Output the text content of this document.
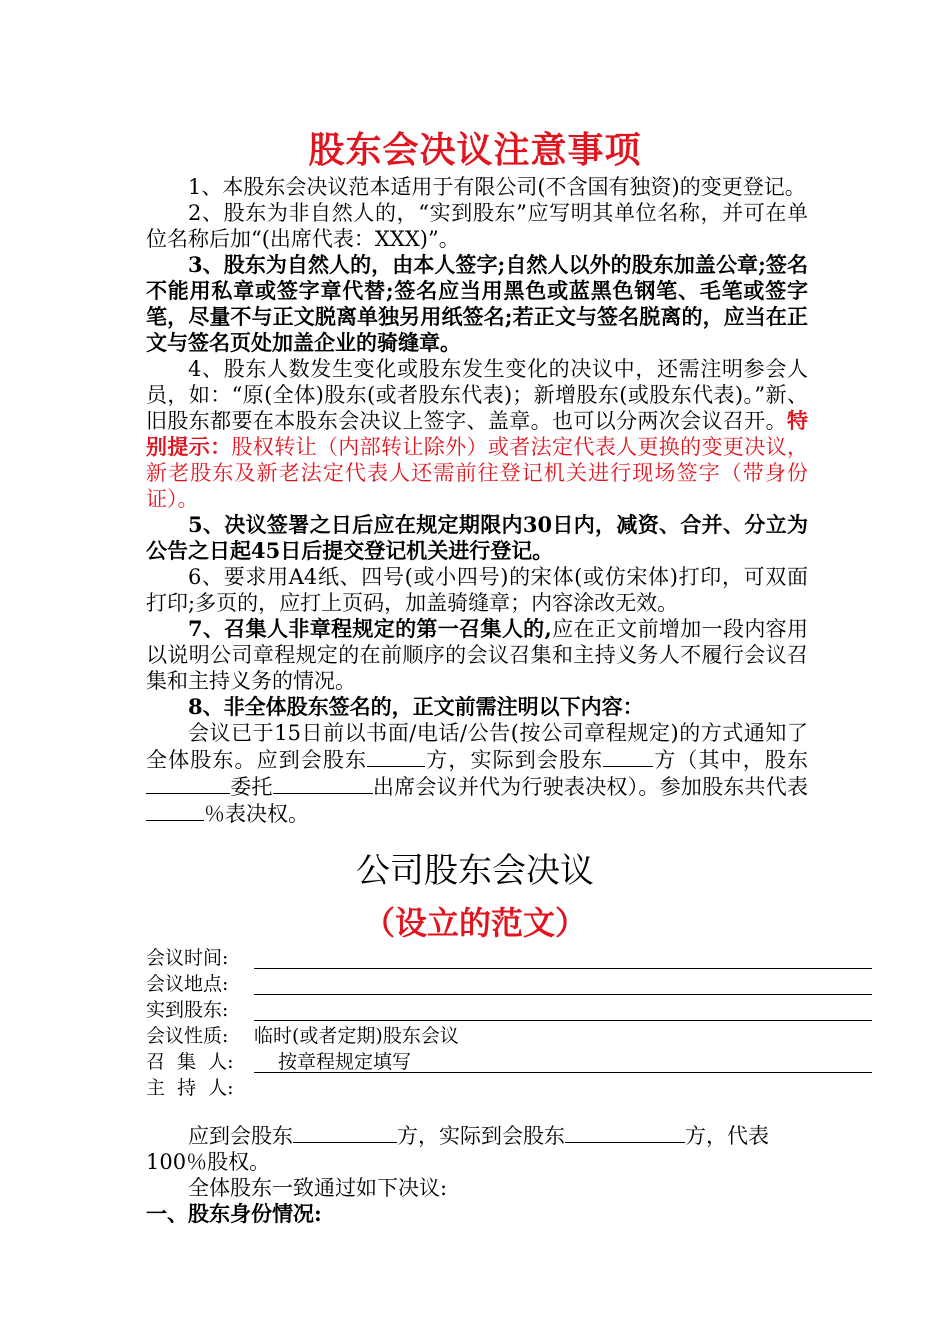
股东会决议注意事项

1、本股东会决议范本适用于有限公司(不含国有独资)的变更登记。

2、股东为非自然人的，“实到股东”应写明其单位名称，并可在单位名称后加“(出席代表：XXX)”。

3、股东为自然人的，由本人签字;自然人以外的股东加盖公章;签名不能用私章或签字章代替;签名应当用黑色或蓝黑色钢笔、毛笔或签字笔，尽量不与正文脱离单独另用纸签名;若正文与签名脱离的，应当在正文与签名页处加盖企业的骑缝章。

4、股东人数发生变化或股东发生变化的决议中，还需注明参会人员，如：“原(全体)股东(或者股东代表)；新增股东(或股东代表)。”新、旧股东都要在本股东会决议上签字、盖章。也可以分两次会议召开。特别提示：股权转让（内部转让除外）或者法定代表人更换的变更决议，新老股东及新老法定代表人还需前往登记机关进行现场签字（带身份证）。

5、决议签署之日后应在规定期限内30日内，减资、合并、分立为公告之日起45日后提交登记机关进行登记。

6、要求用A4纸、四号(或小四号)的宋体(或仿宋体)打印，可双面打印;多页的，应打上页码，加盖骑缝章；内容涂改无效。

7、召集人非章程规定的第一召集人的,应在正文前增加一段内容用以说明公司章程规定的在前顺序的会议召集和主持义务人不履行会议召集和主持义务的情况。

8、非全体股东签名的，正文前需注明以下内容：

会议已于15日前以书面/电话/公告(按公司章程规定)的方式通知了全体股东。应到会股东	方，实际到会股东 方（其中，股东委托	出席会议并代为行驶表决权）。参加股东共代表％表决权。

公司股东会决议
（设立的范文）
会议时间:
会议地点:
实到股东:
会议性质: 临时(或者定期)股东会议
召  集  人: 按章程规定填写
主  持  人:

应到会股东	方，实际到会股东	方，代表

100％股权。

全体股东一致通过如下决议:

一、股东身份情况:
